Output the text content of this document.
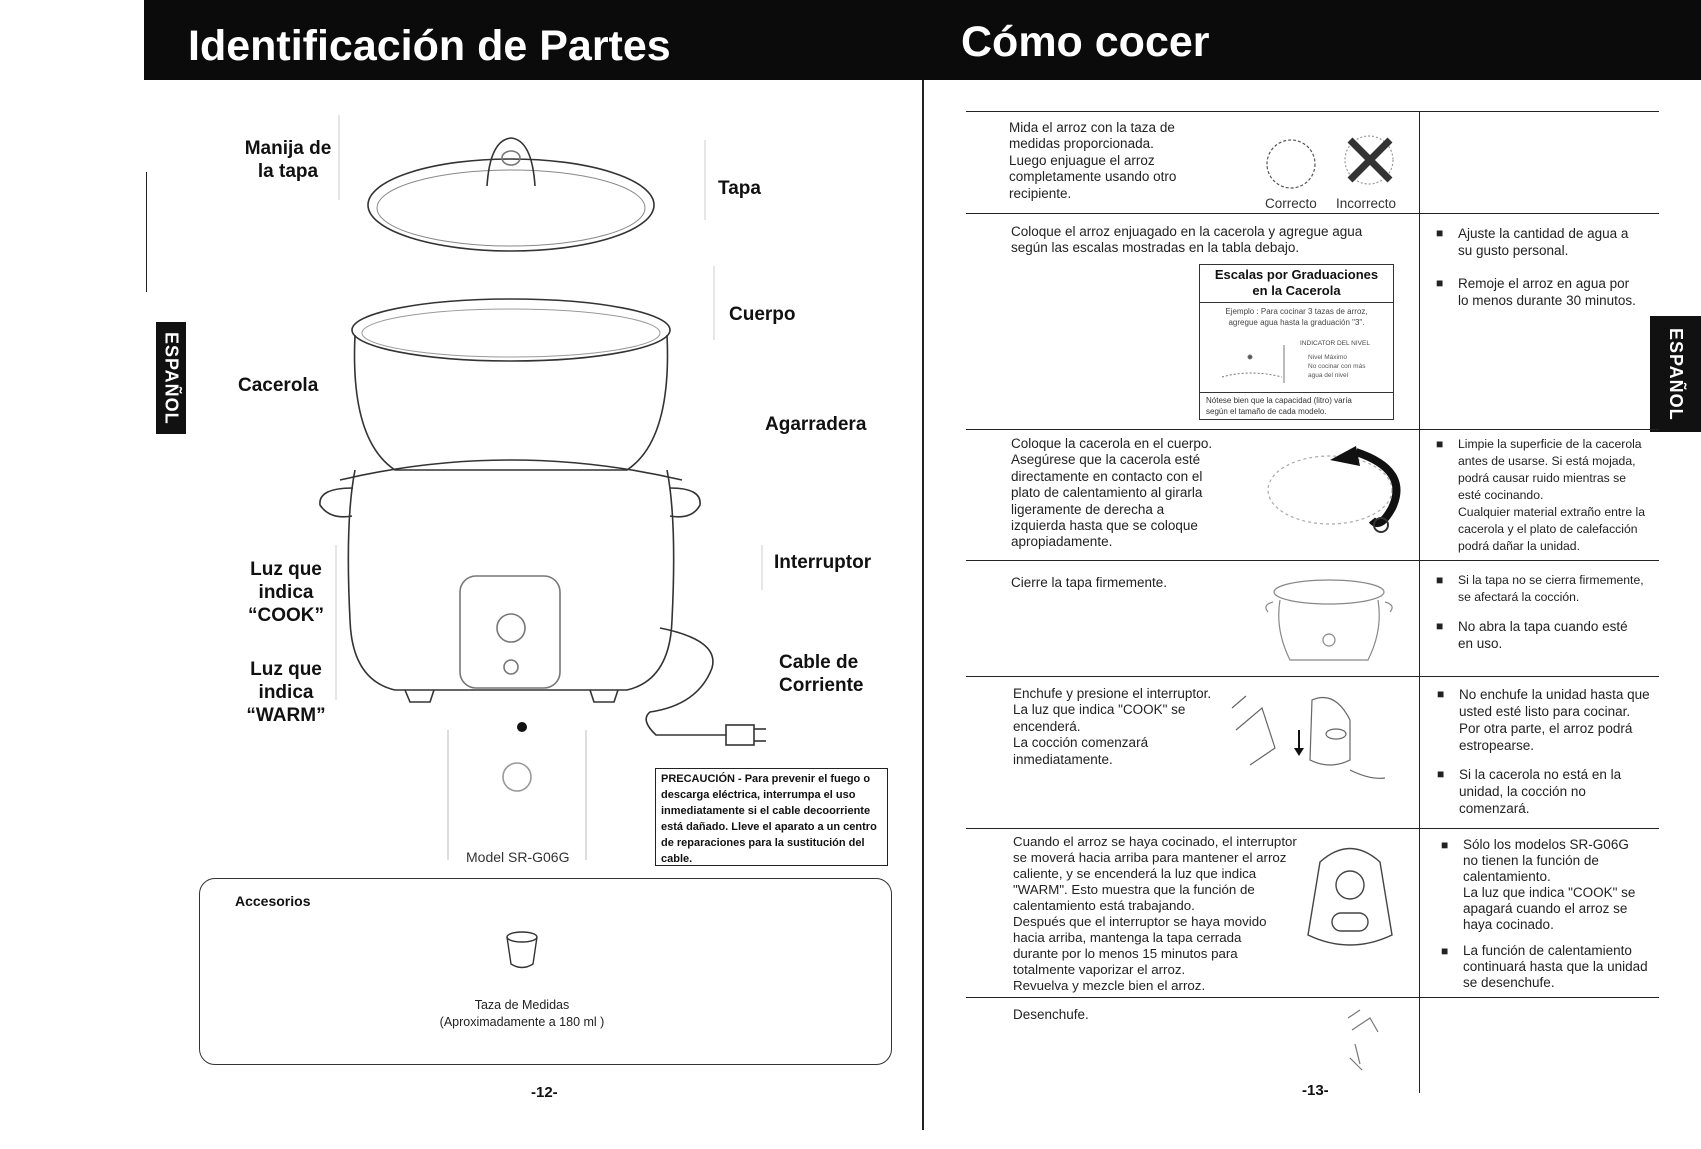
Identificación de Partes	Cómo cocer
ESPAÑOL	ESPAÑOL
Manija de
la tapa
Tapa
Cuerpo
Cacerola
Agarradera
Interruptor
Luz que
indica
“COOK”
Luz que
indica
“WARM”
Cable de
Corriente
Model SR-G06G
PRECAUCIÓN - Para prevenir el fuego o descarga eléctrica, interrumpa el uso inmediatamente si el cable decoorriente está dañado. Lleve el aparato a un centro de reparaciones para la sustitución del cable.
Accesorios
Taza de Medidas
(Aproximadamente a 180 ml )
-12-
Mida el arroz con la taza de
medidas proporcionada.
Luego enjuague el arroz
completamente usando otro
recipiente.
Correcto Incorrecto
Coloque el arroz enjuagado en la cacerola y agregue agua
según las escalas mostradas en la tabla debajo.
Escalas por Graduaciones
en la Cacerola
Ejemplo : Para cocinar 3 tazas de arroz,
agregue agua hasta la graduación "3".
INDICATOR DEL NIVEL
Nivel Máximo
No cocinar con más
agua del nivel
Nótese bien que la capacidad (litro) varía
según el tamaño de cada modelo.
■ Ajuste la cantidad de agua a
su gusto personal.
■ Remoje el arroz en agua por
lo menos durante 30 minutos.
Coloque la cacerola en el cuerpo.
Asegúrese que la cacerola esté
directamente en contacto con el
plato de calentamiento al girarla
ligeramente de derecha a
izquierda hasta que se coloque
apropiadamente.
■ Limpie la superficie de la cacerola
antes de usarse. Si está mojada,
podrá causar ruido mientras se
esté cocinando.
Cualquier material extraño entre la
cacerola y el plato de calefacción
podrá dañar la unidad.
Cierre la tapa firmemente.
■	Si la tapa no se cierra firmemente,
se afectará la cocción.
■ No abra la tapa cuando esté
en uso.
Enchufe y presione el interruptor.
La luz que indica "COOK" se
encenderá.
La cocción comenzará
inmediatamente.
■ No enchufe la unidad hasta que
usted esté listo para cocinar.
Por otra parte, el arroz podrá
estropearse.
■ Si la cacerola no está en la
unidad, la cocción no
comenzará.
Cuando el arroz se haya cocinado, el interruptor
se moverá hacia arriba para mantener el arroz
caliente, y se encenderá la luz que indica
"WARM". Esto muestra que la función de
calentamiento está trabajando.
Después que el interruptor se haya movido
hacia arriba, mantenga la tapa cerrada
durante por lo menos 15 minutos para
totalmente vaporizar el arroz.
Revuelva y mezcle bien el arroz.
■ Sólo los modelos SR-G06G
no tienen la función de
calentamiento.
La luz que indica "COOK" se
apagará cuando el arroz se
haya cocinado.
■ La función de calentamiento
continuará hasta que la unidad
se desenchufe.
Desenchufe.
-13-
